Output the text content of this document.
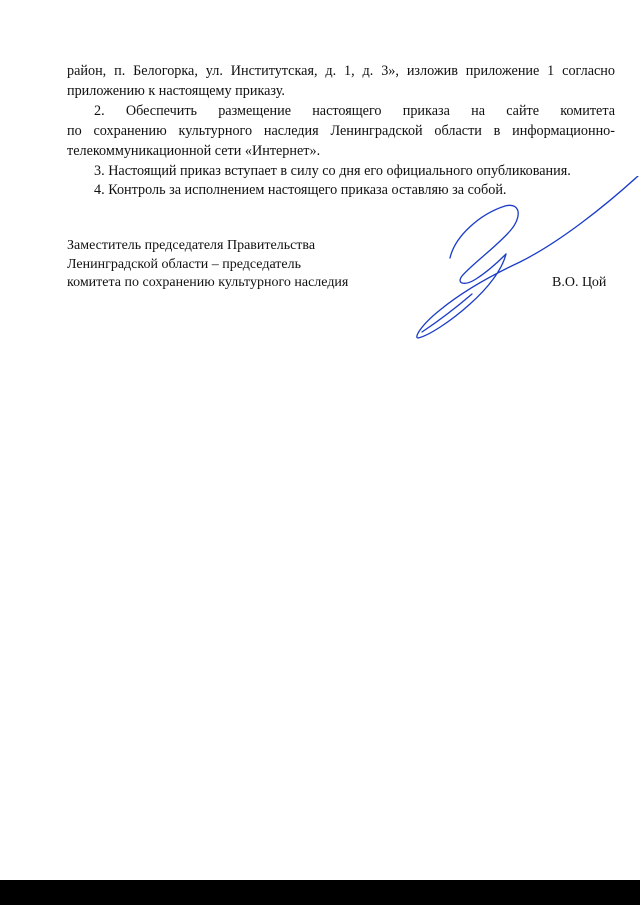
район, п. Белогорка, ул. Институтская, д. 1, д. 3», изложив приложение 1 согласно
приложению к настоящему приказу.
2. Обеспечить размещение настоящего приказа на сайте комитета
по сохранению культурного наследия Ленинградской области в информационно-
телекоммуникационной сети «Интернет».
3. Настоящий приказ вступает в силу со дня его официального опубликования.
4. Контроль за исполнением настоящего приказа оставляю за собой.
Заместитель председателя Правительства
Ленинградской области – председатель
комитета по сохранению культурного наследия	В.О. Цой
